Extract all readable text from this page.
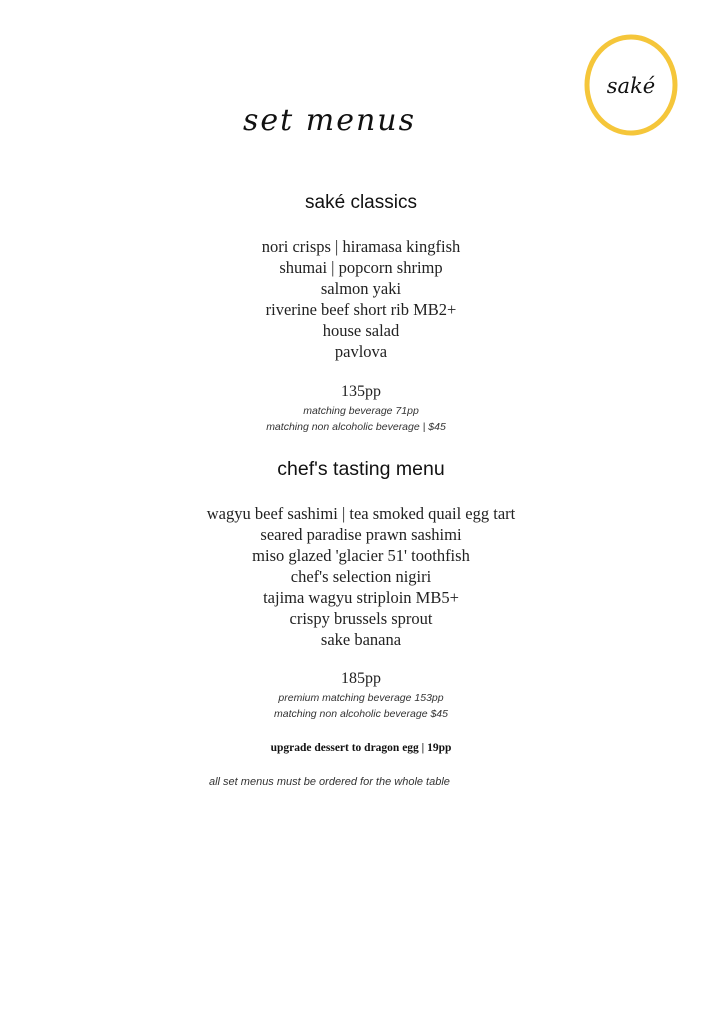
saké
set menus
saké classics
nori crisps | hiramasa kingfish
shumai | popcorn shrimp
salmon yaki
riverine beef short rib MB2+
house salad
pavlova
135pp
matching beverage 71pp
matching non alcoholic beverage | $45
chef's tasting menu
wagyu beef sashimi | tea smoked quail egg tart
seared paradise prawn sashimi
miso glazed 'glacier 51' toothfish
chef's selection nigiri
tajima wagyu striploin MB5+
crispy brussels sprout
sake banana
185pp
premium matching beverage 153pp
matching non alcoholic beverage $45
upgrade dessert to dragon egg | 19pp
all set menus must be ordered for the whole table
